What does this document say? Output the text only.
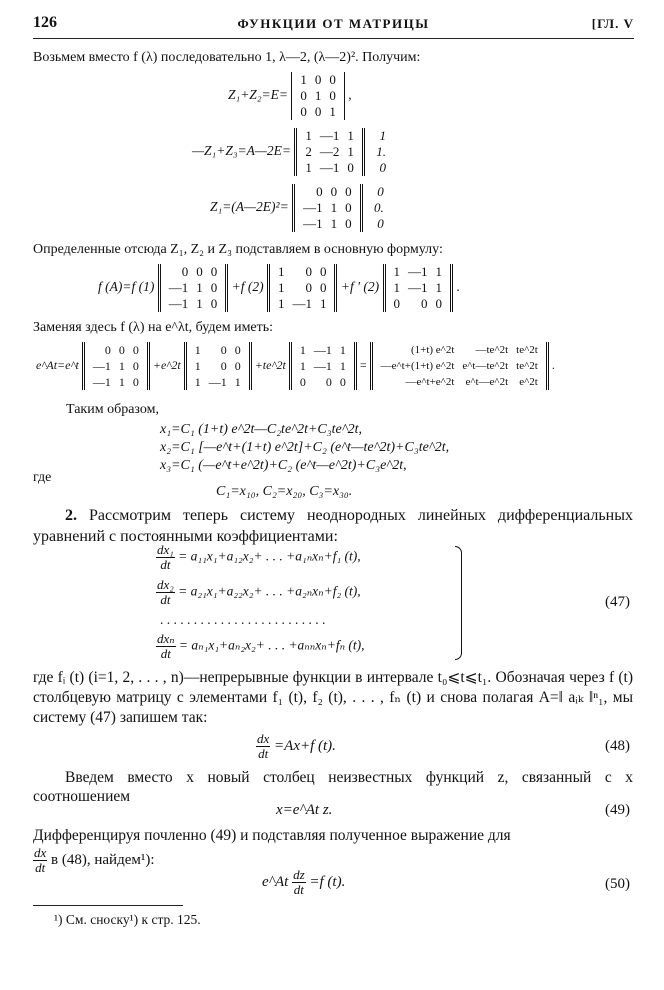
126	ФУНКЦИИ ОТ МАТРИЦЫ	[ГЛ. V
Возьмем вместо f (λ) последовательно 1, λ—2, (λ—2)². Получим:
Z₁+Z₂=E=
1	0	0
0	1	0
0	0	1
,
—Z₁+Z₃=A—2E=
1	—1	1
2	—2	1
1	—1	0

1
1.
0
Z₁=(A—2E)²=
0	0	0
—1	1	0
—1	1	0

0
0.
0
Определенные отсюда Z₁, Z₂ и Z₃ подставляем в основную формулу:
f (A)=f (1)
0	0	0
—1	1	0
—1	1	0
+f (2)
1	0	0
1	0	0
1	—1	1
+f ′ (2)
1	—1	1
1	—1	1
0	0	0
.
Заменяя здесь f (λ) на e^λt, будем иметь:
e^At=e^t
0	0	0
—1	1	0
—1	1	0
+e^2t
1	0	0
1	0	0
1	—1	1
+te^2t
1	—1	1
1	—1	1
0	0	0
=
(1+t) e^2t	—te^2t	te^2t
—e^t+(1+t) e^2t	e^t—te^2t	te^2t
—e^t+e^2t	e^t—e^2t	e^2t
.
Таким образом,
x₁=C₁ (1+t) e^2t—C₂te^2t+C₃te^2t,
x₂=C₁ [—e^t+(1+t) e^2t]+C₂ (e^t—te^2t)+C₃te^2t,
x₃=C₁ (—e^t+e^2t)+C₂ (e^t—e^2t)+C₃e^2t,
где
C₁=x₁₀, C₂=x₂₀, C₃=x₃₀.
2. Рассмотрим теперь систему неоднородных линейных дифференциальных уравнений с постоянными коэффициентами:
$\frac{\text{dx₁}}{dt} = a_{11}x_1+a_{12}x_2+$ . . . +a₁ₙxₙ+f₁ (t),
$\frac{\text{dx₂}}{dt} = a_{21}x_1+a_{22}x_2+$ . . . +a₂ₙxₙ+f₂ (t),
. . . . . . . . . . . . . . . . . . . . . . . . .
$\frac{\text{dxₙ}}{dt} = a_{n1}x_1+a_{n2}x_2+$ . . . +aₙₙxₙ+fₙ (t),
(47)
где fᵢ (t) (i=1, 2, . . . , n)—непрерывные функции в интервале t₀⩽t⩽t₁. Обозначая через f (t) столбцевую матрицу с элементами f₁ (t), f₂ (t), . . . , fₙ (t) и снова полагая A=‖ aᵢₖ ‖ⁿ₁, мы систему (47) запишем так:
$\frac{dx}{dt} =Ax+f$ (t).	(48)
Введем вместо x новый столбец неизвестных функций z, связанный с x соотношением
x=e^At z.	(49)
Дифференцируя почленно (49) и подставляя полученное выражение для
$\frac{dx}{dt}$ в (48), найдем¹):
e^At $\frac{dz}{dt} =f$ (t).	(50)
¹) См. сноску¹) к стр. 125.
